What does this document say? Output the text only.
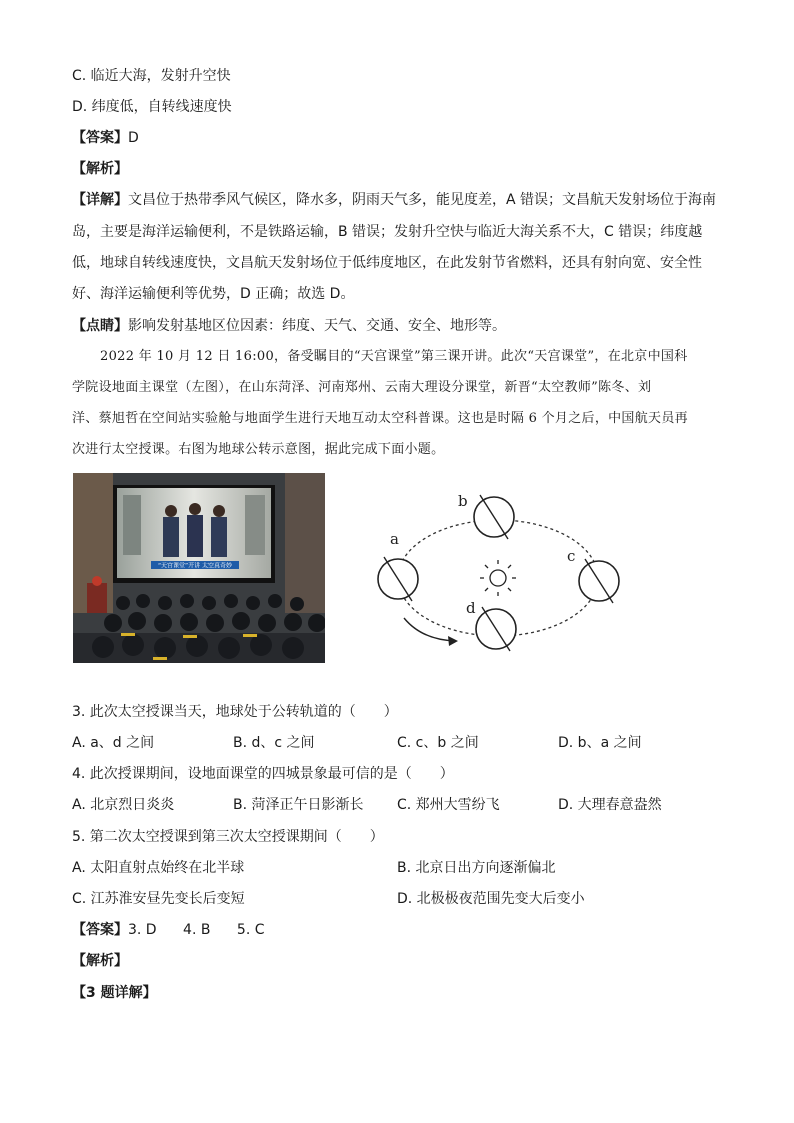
C. 临近大海，发射升空快
D. 纬度低，自转线速度快
【答案】D
【解析】
【详解】文昌位于热带季风气候区，降水多，阴雨天气多，能见度差，A 错误；文昌航天发射场位于海南
岛，主要是海洋运输便利，不是铁路运输，B 错误；发射升空快与临近大海关系不大，C 错误；纬度越
低，地球自转线速度快，文昌航天发射场位于低纬度地区，在此发射节省燃料，还具有射向宽、安全性
好、海洋运输便利等优势，D 正确；故选 D。
【点睛】影响发射基地区位因素：纬度、天气、交通、安全、地形等。
2022 年 10 月 12 日 16:00，备受瞩目的“天宫课堂”第三课开讲。此次“天宫课堂”，在北京中国科
学院设地面主课堂（左图），在山东菏泽、河南郑州、云南大理设分课堂，新晋“太空教师”陈冬、刘
洋、蔡旭哲在空间站实验舱与地面学生进行天地互动太空科普课。这也是时隔 6 个月之后，中国航天员再
次进行太空授课。右图为地球公转示意图，据此完成下面小题。
“天宫课堂”开讲 太空真奇妙
a
b
c
d
3. 此次太空授课当天，地球处于公转轨道的（　　）
A. a、d 之间	B. d、c 之间	C. c、b 之间	D. b、a 之间
4. 此次授课期间，设地面课堂的四城景象最可信的是（　　）
A. 北京烈日炎炎	B. 菏泽正午日影渐长 C. 郑州大雪纷飞	D. 大理春意盎然
5. 第二次太空授课到第三次太空授课期间（　　）
A. 太阳直射点始终在北半球	B. 北京日出方向逐渐偏北
C. 江苏淮安昼先变长后变短	D. 北极极夜范围先变大后变小
【答案】3. D 4. B 5. C
【解析】
【3 题详解】
